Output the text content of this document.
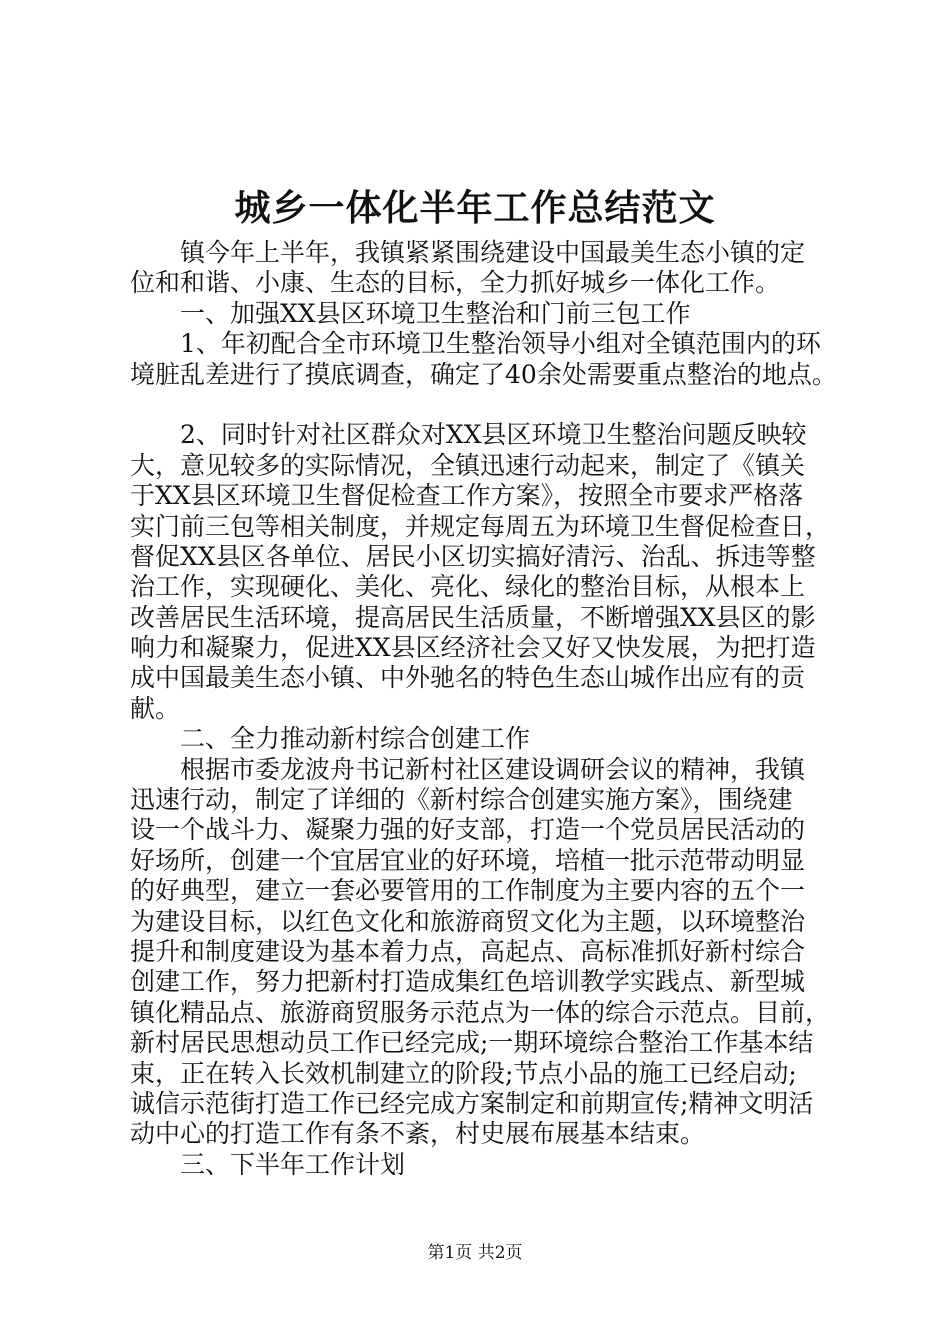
城乡一体化半年工作总结范文
镇今年上半年，我镇紧紧围绕建设中国最美生态小镇的定
位和和谐、小康、生态的目标，全力抓好城乡一体化工作。
一、加强XX县区环境卫生整治和门前三包工作
1、年初配合全市环境卫生整治领导小组对全镇范围内的环
境脏乱差进行了摸底调查，确定了40余处需要重点整治的地点。
2、同时针对社区群众对XX县区环境卫生整治问题反映较
大，意见较多的实际情况，全镇迅速行动起来，制定了《镇关
于XX县区环境卫生督促检查工作方案》，按照全市要求严格落
实门前三包等相关制度，并规定每周五为环境卫生督促检查日，
督促XX县区各单位、居民小区切实搞好清污、治乱、拆违等整
治工作，实现硬化、美化、亮化、绿化的整治目标，从根本上
改善居民生活环境，提高居民生活质量，不断增强XX县区的影
响力和凝聚力，促进XX县区经济社会又好又快发展，为把打造
成中国最美生态小镇、中外驰名的特色生态山城作出应有的贡
献。
二、全力推动新村综合创建工作
根据市委龙波舟书记新村社区建设调研会议的精神，我镇
迅速行动，制定了详细的《新村综合创建实施方案》，围绕建
设一个战斗力、凝聚力强的好支部，打造一个党员居民活动的
好场所，创建一个宜居宜业的好环境，培植一批示范带动明显
的好典型，建立一套必要管用的工作制度为主要内容的五个一
为建设目标，以红色文化和旅游商贸文化为主题，以环境整治
提升和制度建设为基本着力点，高起点、高标准抓好新村综合
创建工作，努力把新村打造成集红色培训教学实践点、新型城
镇化精品点、旅游商贸服务示范点为一体的综合示范点。目前，
新村居民思想动员工作已经完成;一期环境综合整治工作基本结
束，正在转入长效机制建立的阶段;节点小品的施工已经启动;
诚信示范街打造工作已经完成方案制定和前期宣传;精神文明活
动中心的打造工作有条不紊，村史展布展基本结束。
三、下半年工作计划
第1页 共2页
